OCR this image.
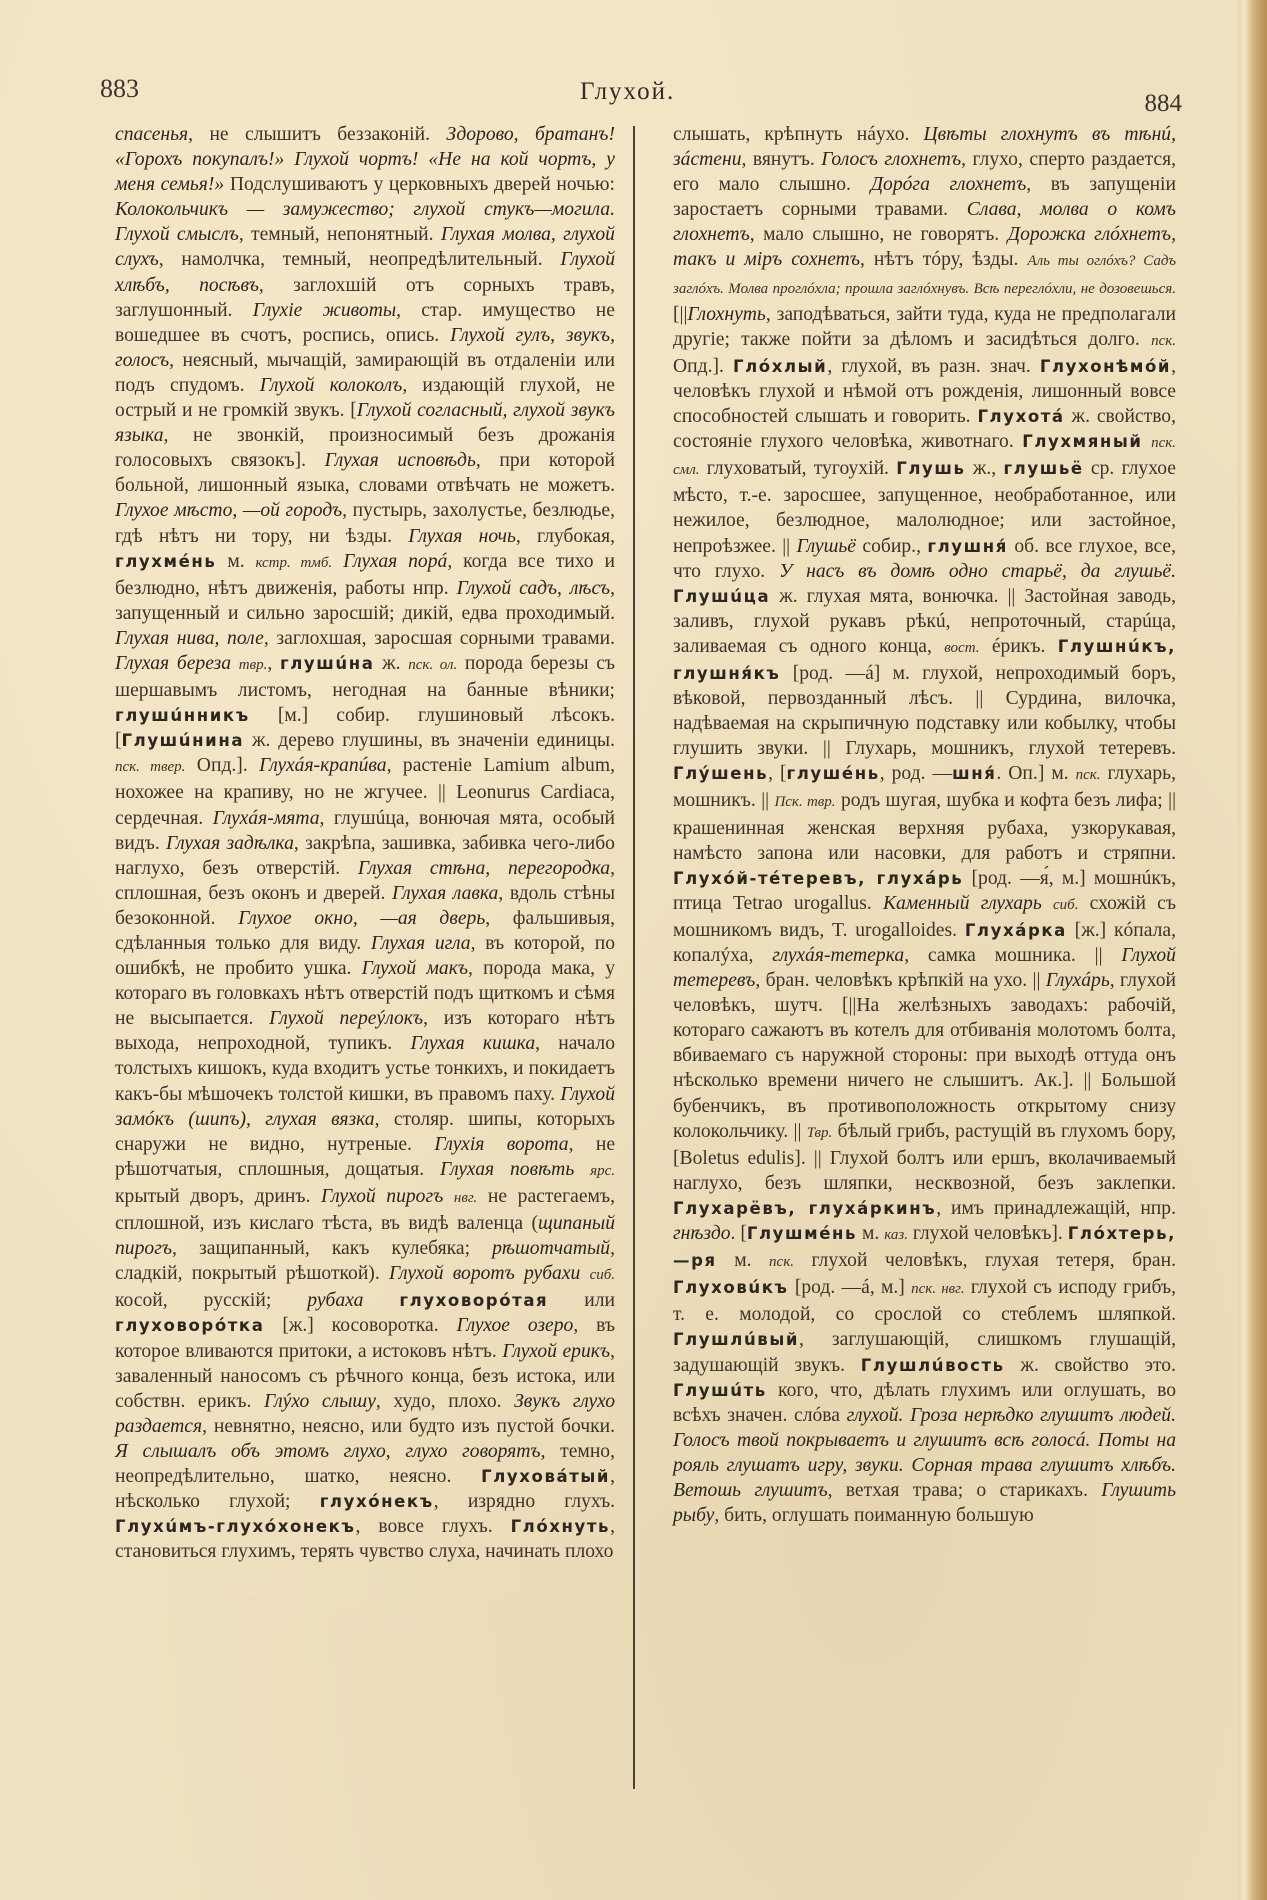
883	Глухой.	884

спасенья, не слышитъ беззаконій. Здорово, братанъ! «Горохъ покупалъ!» Глухой чортъ! «Не на кой чортъ, у меня семья!» Подслушиваютъ у церковныхъ дверей ночью: Колокольчикъ — замужество; глухой стукъ—могила. Глухой смыслъ, темный, непонятный. Глухая молва, глухой слухъ, намолчка, темный, неопредѣлительный. Глухой хлѣбъ, посѣвъ, заглохшій отъ сорныхъ травъ, заглушонный. Глухіе животы, стар. имущество не вошедшее въ счотъ, роспись, опись. Глухой гулъ, звукъ, голосъ, неясный, мычащій, замирающій въ отдаленіи или подъ спудомъ. Глухой колоколъ, издающій глухой, не острый и не громкій звукъ. [Глухой согласный, глухой звукъ языка, не звонкій, произносимый безъ дрожанія голосовыхъ связокъ]. Глухая исповѣдь, при которой больной, лишонный языка, словами отвѣчать не можетъ. Глухое мѣсто, —ой городъ, пустырь, захолустье, безлюдье, гдѣ нѣтъ ни тору, ни ѣзды. Глухая ночь, глубокая, глухмéнь м. кстр. тмб. Глухая порá, когда все тихо и безлюдно, нѣтъ движенія, работы нпр. Глухой садъ, лѣсъ, запущенный и сильно заросшій; дикій, едва проходимый. Глухая нива, поле, заглохшая, заросшая сорными травами. Глухая береза твр., глушúна ж. пск. ол. порода березы съ шершавымъ листомъ, негодная на банные вѣники; глушúнникъ [м.] собир. глушиновый лѣсокъ. [Глушúнина ж. дерево глушины, въ значеніи единицы. пск. твер. Опд.]. Глухáя-крапúва, растеніе Lamium album, нохожее на крапиву, но не жгучее. || Leonurus Cardiaca, сердечная. Глухáя-мята, глушúца, вонючая мята, особый видъ. Глухая задѣлка, закрѣпа, зашивка, забивка чего-либо наглухо, безъ отверстій. Глухая стѣна, перегородка, сплошная, безъ оконъ и дверей. Глухая лавка, вдоль стѣны безоконной. Глухое окно, —ая дверь, фальшивыя, сдѣланныя только для виду. Глухая игла, въ которой, по ошибкѣ, не пробито ушка. Глухой макъ, порода мака, у котораго въ головкахъ нѣтъ отверстій подъ щиткомъ и сѣмя не высыпается. Глухой переýлокъ, изъ котораго нѣтъ выхода, непроходной, тупикъ. Глухая кишка, начало толстыхъ кишокъ, куда входитъ устье тонкихъ, и покидаетъ какъ-бы мѣшочекъ толстой кишки, въ правомъ паху. Глухой замóкъ (шипъ), глухая вязка, столяр. шипы, которыхъ снаружи не видно, нутреные. Глухія ворота, не рѣшотчатыя, сплошныя, дощатыя. Глухая повѣть ярс. крытый дворъ, дринъ. Глухой пирогъ нвг. не растегаемъ, сплошной, изъ кислаго тѣста, въ видѣ валенца (щипаный пирогъ, защипанный, какъ кулебяка; рѣшотчатый, сладкій, покрытый рѣшоткой). Глухой воротъ рубахи сиб. косой, русскій; рубаха глуховорóтая или глуховорóтка [ж.] косоворотка. Глухое озеро, въ которое вливаются притоки, а истоковъ нѣтъ. Глухой ерикъ, заваленный наносомъ съ рѣчного конца, безъ истока, или собствн. ерикъ. Глýхо слышу, худо, плохо. Звукъ глухо раздается, невнятно, неясно, или будто изъ пустой бочки. Я слышалъ объ этомъ глухо, глухо говорятъ, темно, неопредѣлительно, шатко, неясно. Глуховáтый, нѣсколько глухой; глухóнекъ, изрядно глухъ. Глухúмъ-глухóхонекъ, вовсе глухъ. Глóхнуть, становиться глухимъ, терять чувство слуха, начинать плохо

слышать, крѣпнуть нáухо. Цвѣты глохнутъ въ тѣнú, зáстени, вянутъ. Голосъ глохнетъ, глухо, сперто раздается, его мало слышно. Дорóга глохнетъ, въ запущеніи заростаетъ сорными травами. Слава, молва о комъ глохнетъ, мало слышно, не говорятъ. Дорожка глóхнетъ, такъ и міръ сохнетъ, нѣтъ тóру, ѣзды. Аль ты оглóхъ? Садъ заглóхъ. Молва проглóхла; прошла заглóхнувъ. Всѣ переглóхли, не дозовешься. [||Глохнуть, заподѣваться, зайти туда, куда не предполагали другіе; также пойти за дѣломъ и засидѣться долго. пск. Опд.]. Глóхлый, глухой, въ разн. знач. Глухонѣмóй, человѣкъ глухой и нѣмой отъ рожденія, лишонный вовсе способностей слышать и говорить. Глухотá ж. свойство, состояніе глухого человѣка, животнаго. Глухмяный пск. смл. глуховатый, тугоухій. Глушь ж., глушьё ср. глухое мѣсто, т.-е. заросшее, запущенное, необработанное, или нежилое, безлюдное, малолюдное; или застойное, непроѣзжее. || Глушьё собир., глушня́ об. все глухое, все, что глухо. У насъ въ домѣ одно старьё, да глушьё. Глушúца ж. глухая мята, вонючка. || Застойная заводь, заливъ, глухой рукавъ рѣкú, непроточный, старúца, заливаемая съ одного конца, вост. éрикъ. Глушнúкъ, глушня́къ [род. —á] м. глухой, непроходимый боръ, вѣковой, первозданный лѣсъ. || Сурдина, вилочка, надѣваемая на скрыпичную подставку или кобылку, чтобы глушить звуки. || Глухарь, мошникъ, глухой тетеревъ. Глýшень, [глушéнь, род. —шня́. Оп.] м. пск. глухарь, мошникъ. || Пск. твр. родъ шугая, шубка и кофта безъ лифа; || крашенинная женская верхняя рубаха, узкорукавая, намѣсто запона или насовки, для работъ и стряпни. Глухóй-тéтеревъ, глухáрь [род. —я́, м.] мошнúкъ, птица Tetrao urogallus. Каменный глухарь сиб. схожій съ мошникомъ видъ, T. urogalloides. Глухáрка [ж.] кóпала, копалýха, глухáя-тетерка, самка мошника. || Глухой тетеревъ, бран. человѣкъ крѣпкій на ухо. || Глухáрь, глухой человѣкъ, шутч. [||На желѣзныхъ заводахъ: рабочій, котораго сажаютъ въ котелъ для отбиванія молотомъ болта, вбиваемаго съ наружной стороны: при выходѣ оттуда онъ нѣсколько времени ничего не слышитъ. Ак.]. || Большой бубенчикъ, въ противоположность открытому снизу колокольчику. || Твр. бѣлый грибъ, растущій въ глухомъ бору, [Boletus edulis]. || Глухой болтъ или ершъ, вколачиваемый наглухо, безъ шляпки, несквозной, безъ заклепки. Глухарёвъ, глухáркинъ, имъ принадлежащій, нпр. гнѣздо. [Глушмéнь м. каз. глухой человѣкъ]. Глóхтерь, —ря м. пск. глухой человѣкъ, глухая тетеря, бран. Глуховúкъ [род. —á, м.] пск. нвг. глухой съ исподу грибъ, т. е. молодой, со срослой со стеблемъ шляпкой. Глушлúвый, заглушающій, слишкомъ глушащій, задушающій звукъ. Глушлúвость ж. свойство это. Глушúть кого, что, дѣлать глухимъ или оглушать, во всѣхъ значен. слóва глухой. Гроза нерѣдко глушитъ людей. Голосъ твой покрываетъ и глушитъ всѣ голосá. Поты на рояль глушатъ игру, звуки. Сорная трава глушитъ хлѣбъ. Ветошь глушитъ, ветхая трава; о старикахъ. Глушить рыбу, бить, оглушать поиманную большую
